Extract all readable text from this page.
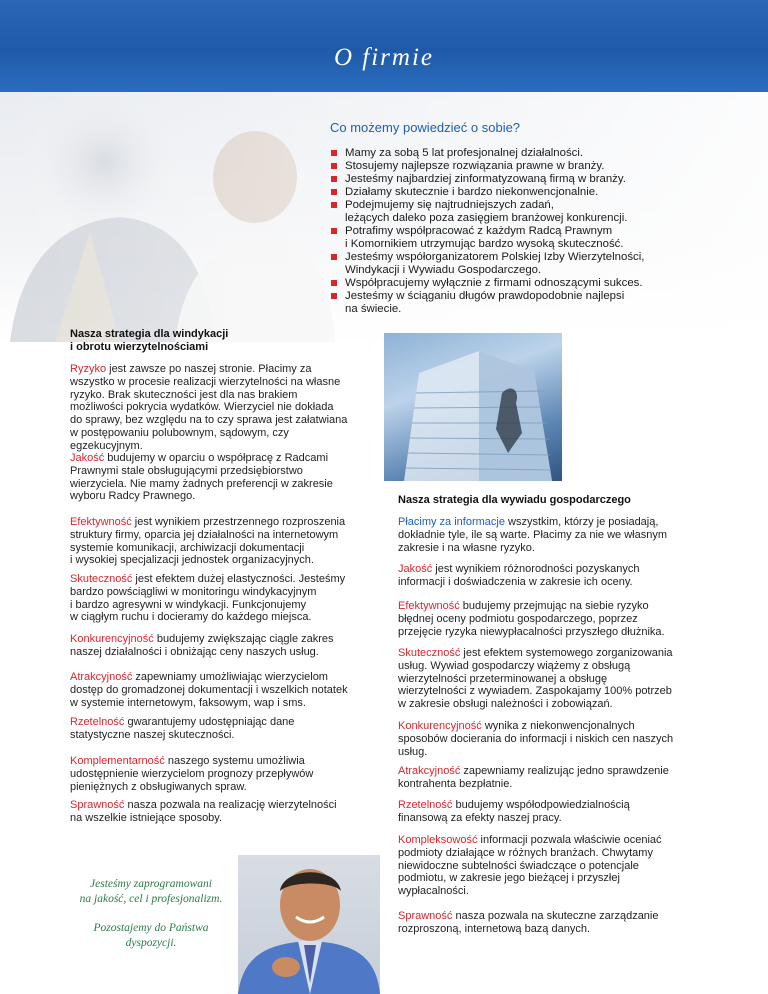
O firmie
Co możemy powiedzieć o sobie?
Mamy za sobą 5 lat profesjonalnej działalności.
Stosujemy najlepsze rozwiązania prawne w branży.
Jesteśmy najbardziej zinformatyzowaną firmą w branży.
Działamy skutecznie i bardzo niekonwencjonalnie.
Podejmujemy się najtrudniejszych zadań,
leżących daleko poza zasięgiem branżowej konkurencji.
Potrafimy współpracować z każdym Radcą Prawnym
i Komornikiem utrzymując bardzo wysoką skuteczność.
Jesteśmy współorganizatorem Polskiej Izby Wierzytelności,
Windykacji i Wywiadu Gospodarczego.
Współpracujemy wyłącznie z firmami odnoszącymi sukces.
Jesteśmy w ściąganiu długów prawdopodobnie najlepsi
na świecie.
Nasza strategia dla windykacji
i obrotu wierzytelnościami
Ryzyko jest zawsze po naszej stronie. Płacimy za
wszystko w procesie realizacji wierzytelności na własne
ryzyko. Brak skuteczności jest dla nas brakiem
możliwości pokrycia wydatków. Wierzyciel nie dokłada
do sprawy, bez względu na to czy sprawa jest załatwiana
w postępowaniu polubownym, sądowym, czy
egzekucyjnym.
Jakość budujemy w oparciu o współpracę z Radcami
Prawnymi stale obsługującymi przedsiębiorstwo
wierzyciela. Nie mamy żadnych preferencji w zakresie
wyboru Radcy Prawnego.
Efektywność jest wynikiem przestrzennego rozproszenia
struktury firmy, oparcia jej działalności na internetowym
systemie komunikacji, archiwizacji dokumentacji
i wysokiej specjalizacji jednostek organizacyjnych.
Skuteczność jest efektem dużej elastyczności. Jesteśmy
bardzo powściągliwi w monitoringu windykacyjnym
i bardzo agresywni w windykacji. Funkcjonujemy
w ciągłym ruchu i docieramy do każdego miejsca.
Konkurencyjność budujemy zwiększając ciągle zakres
naszej działalności i obniżając ceny naszych usług.
Atrakcyjność zapewniamy umożliwiając wierzycielom
dostęp do gromadzonej dokumentacji i wszelkich notatek
w systemie internetowym, faksowym, wap i sms.
Rzetelność gwarantujemy udostępniając dane
statystyczne naszej skuteczności.
Komplementarność naszego systemu umożliwia
udostępnienie wierzycielom prognozy przepływów
pieniężnych z obsługiwanych spraw.
Sprawność nasza pozwala na realizację wierzytelności
na wszelkie istniejące sposoby.
Nasza strategia dla wywiadu gospodarczego
Płacimy za informacje wszystkim, którzy je posiadają,
dokładnie tyle, ile są warte. Płacimy za nie we własnym
zakresie i na własne ryzyko.
Jakość jest wynikiem różnorodności pozyskanych
informacji i doświadczenia w zakresie ich oceny.
Efektywność budujemy przejmując na siebie ryzyko
błędnej oceny podmiotu gospodarczego, poprzez
przejęcie ryzyka niewypłacalności przyszłego dłużnika.
Skuteczność jest efektem systemowego zorganizowania
usług. Wywiad gospodarczy wiążemy z obsługą
wierzytelności przeterminowanej a obsługę
wierzytelności z wywiadem. Zaspokajamy 100% potrzeb
w zakresie obsługi należności i zobowiązań.
Konkurencyjność wynika z niekonwencjonalnych
sposobów docierania do informacji i niskich cen naszych
usług.
Atrakcyjność zapewniamy realizując jedno sprawdzenie
kontrahenta bezpłatnie.
Rzetelność budujemy współodpowiedzialnością
finansową za efekty naszej pracy.
Kompleksowość informacji pozwala właściwie oceniać
podmioty działające w różnych branżach. Chwytamy
niewidoczne subtelności świadczące o potencjale
podmiotu, w zakresie jego bieżącej i przyszłej
wypłacalności.
Sprawność nasza pozwala na skuteczne zarządzanie
rozproszoną, internetową bazą danych.
Jesteśmy zaprogramowani
na jakość, cel i profesjonalizm.
Pozostajemy do Państwa
dyspozycji.
